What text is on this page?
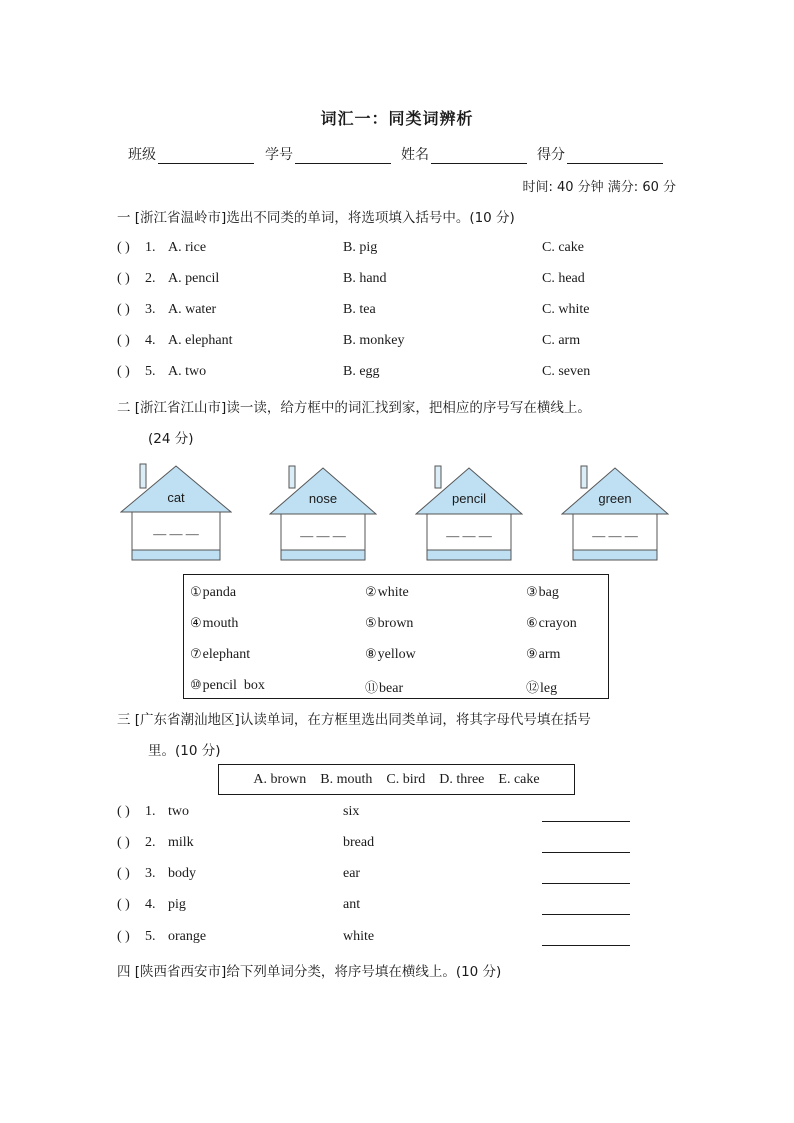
词汇一：同类词辨析
班级	学号	姓名	得分
时间: 40 分钟 满分: 60 分
一 [浙江省温岭市]选出不同类的单词，将选项填入括号中。(10 分)
( ) 1. A. rice	B. pig	C. cake
( ) 2. A. pencil	B. hand	C. head
( ) 3. A. water	B. tea	C. white
( ) 4. A. elephant	B. monkey	C. arm
( ) 5. A. two	B. egg	C. seven
二 [浙江省江山市]读一读，给方框中的词汇找到家，把相应的序号写在横线上。
(24 分)
cat
— — —
nose
— — —
pencil
— — —
green
— — —
①panda	②white	③bag
④mouth	⑤brown	⑥crayon
⑦elephant	⑧yellow	⑨arm
⑩pencil  box	⑪bear	⑫leg
三 [广东省潮汕地区]认读单词，在方框里选出同类单词，将其字母代号填在括号
里。(10 分)
A. brown    B. mouth    C. bird    D. three    E. cake
( ) 1. two	six
( ) 2. milk	bread
( ) 3. body	ear
( ) 4. pig	ant
( ) 5. orange	white
四 [陕西省西安市]给下列单词分类，将序号填在横线上。(10 分)
